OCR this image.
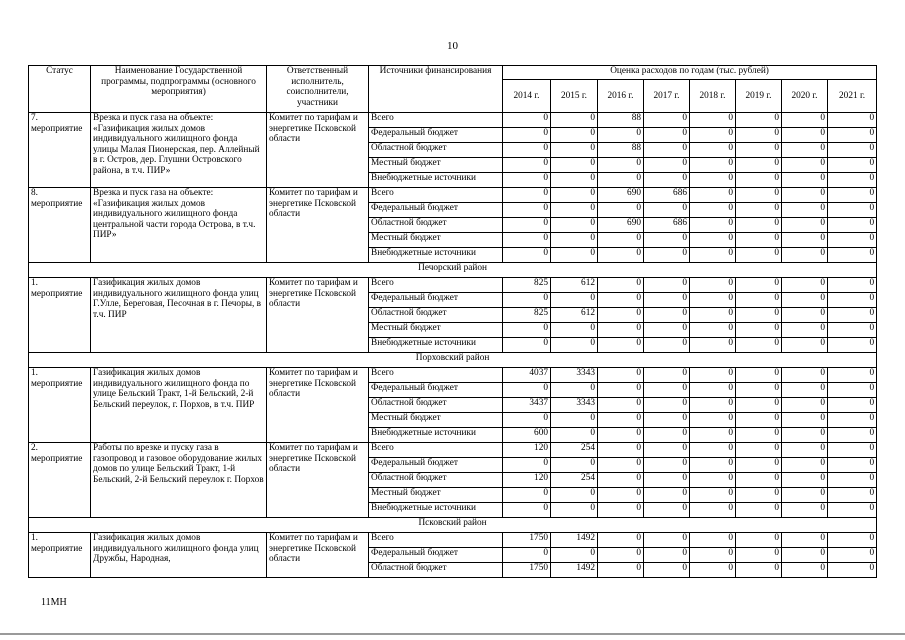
10
Статус	Наименование Государственной программы, подпрограммы (основного мероприятия)	Ответственный исполнитель, соисполнители, участники	Источники финансирования	Оценка расходов по годам (тыс. рублей)							
				2014 г.	2015 г.	2016 г.	2017 г.	2018 г.	2019 г.	2020 г.	2021 г.

7.
мероприятие	Врезка и пуск газа на объекте: «Газификация жилых домов индивидуального жилищного фонда улицы Малая Пионерская, пер. Аллейный в г. Остров, дер. Глушни Островского района, в т.ч. ПИР»	Комитет по тарифам и энергетике Псковской области	Всего	0	0	88	0	0	0	0	0
			Федеральный бюджет	0	0	0	0	0	0	0	0
			Областной бюджет	0	0	88	0	0	0	0	0
			Местный бюджет	0	0	0	0	0	0	0	0
			Внебюджетные источники	0	0	0	0	0	0	0	0

8.
мероприятие	Врезка и пуск газа на объекте: «Газификация жилых домов индивидуального жилищного фонда центральной части города Острова, в т.ч. ПИР»	Комитет по тарифам и энергетике Псковской области	Всего	0	0	690	686	0	0	0	0
			Федеральный бюджет	0	0	0	0	0	0	0	0
			Областной бюджет	0	0	690	686	0	0	0	0
			Местный бюджет	0	0	0	0	0	0	0	0
			Внебюджетные источники	0	0	0	0	0	0	0	0
Печорский район											

1.
мероприятие	Газификация жилых домов индивидуального жилищного фонда улиц Г.Улле, Береговая, Песочная в г. Печоры, в т.ч. ПИР	Комитет по тарифам и энергетике Псковской области	Всего	825	612	0	0	0	0	0	0
			Федеральный бюджет	0	0	0	0	0	0	0	0
			Областной бюджет	825	612	0	0	0	0	0	0
			Местный бюджет	0	0	0	0	0	0	0	0
			Внебюджетные источники	0	0	0	0	0	0	0	0
Порховский район											

1.
мероприятие	Газификация жилых домов индивидуального жилищного фонда по улице Бельский Тракт, 1-й Бельский, 2-й Бельский переулок, г. Порхов, в т.ч. ПИР	Комитет по тарифам и энергетике Псковской области	Всего	4037	3343	0	0	0	0	0	0
			Федеральный бюджет	0	0	0	0	0	0	0	0
			Областной бюджет	3437	3343	0	0	0	0	0	0
			Местный бюджет	0	0	0	0	0	0	0	0
			Внебюджетные источники	600	0	0	0	0	0	0	0

2.
мероприятие	Работы по врезке и пуску газа в газопровод и газовое оборудование жилых домов по улице Бельский Тракт, 1-й Бельский, 2-й Бельский переулок г. Порхов	Комитет по тарифам и энергетике Псковской области	Всего	120	254	0	0	0	0	0	0
			Федеральный бюджет	0	0	0	0	0	0	0	0
			Областной бюджет	120	254	0	0	0	0	0	0
			Местный бюджет	0	0	0	0	0	0	0	0
			Внебюджетные источники	0	0	0	0	0	0	0	0
Псковский район											

1.
мероприятие	Газификация жилых домов индивидуального жилищного фонда улиц Дружбы, Народная,	Комитет по тарифам и энергетике Псковской области	Всего	1750	1492	0	0	0	0	0	0
			Федеральный бюджет	0	0	0	0	0	0	0	0
			Областной бюджет	1750	1492	0	0	0	0	0	0
11МН
